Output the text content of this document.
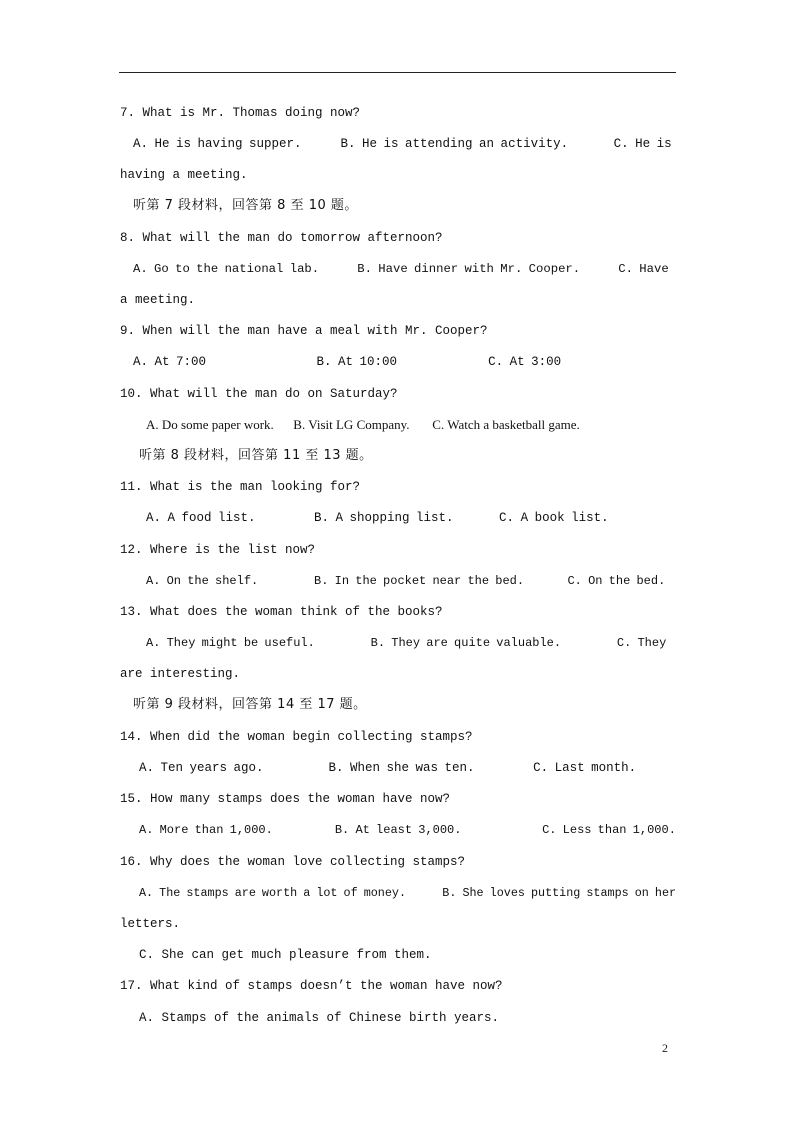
7. What is Mr. Thomas doing now?

A. He is having supper.      B. He is attending an activity.       C. He is

having a meeting.

听第 7 段材料，回答第 8 至 10 题。

8. What will the man do tomorrow afternoon?

A. Go to the national lab.      B. Have dinner with Mr. Cooper.      C. Have

a meeting.

9. When will the man have a meal with Mr. Cooper?

A. At 7:00                 B. At 10:00              C. At 3:00

10. What will the man do on Saturday?

A. Do some paper work.      B. Visit LG Company.       C. Watch a basketball game.

听第 8 段材料，回答第 11 至 13 题。

11. What is the man looking for?

A. A food list.         B. A shopping list.       C. A book list.

12. Where is the list now?

A. On the shelf.         B. In the pocket near the bed.       C. On the bed.

13. What does the woman think of the books?

A. They might be useful.         B. They are quite valuable.         C. They

are interesting.

听第 9 段材料，回答第 14 至 17 题。

14. When did the woman begin collecting stamps?

A. Ten years ago.          B. When she was ten.         C. Last month.

15. How many stamps does the woman have now?

A. More than 1,000.          B. At least 3,000.             C. Less than 1,000.

16. Why does the woman love collecting stamps?

A. The stamps are worth a lot of money.      B. She loves putting stamps on her

letters.

C. She can get much pleasure from them.

17. What kind of stamps doesn’t the woman have now?

A. Stamps of the animals of Chinese birth years.

2
